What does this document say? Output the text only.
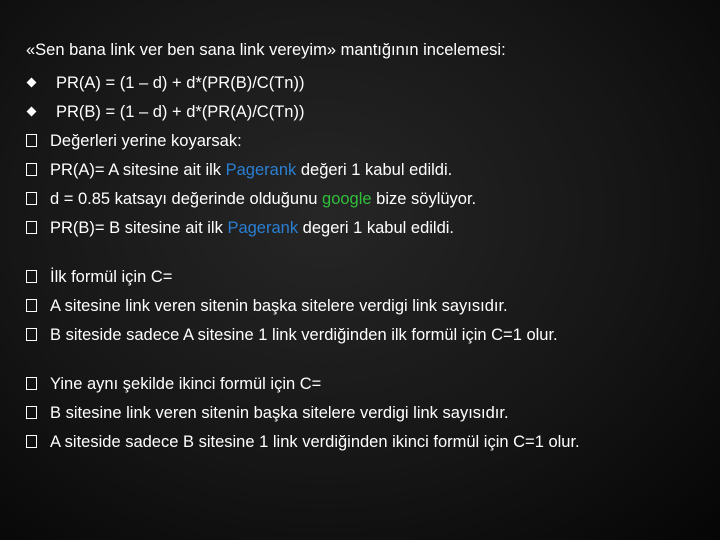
«Sen bana link ver ben sana link vereyim» mantığının incelemesi:
PR(A) = (1 – d) + d*(PR(B)/C(Tn))
PR(B) = (1 – d) + d*(PR(A)/C(Tn))
Değerleri yerine koyarsak:
PR(A)= A sitesine ait ilk Pagerank değeri 1 kabul edildi.
d = 0.85 katsayı değerinde olduğunu google bize söylüyor.
PR(B)= B sitesine ait ilk Pagerank degeri 1 kabul edildi.
İlk formül için C=
A sitesine link veren sitenin başka sitelere verdigi link sayısıdır.
B siteside sadece A sitesine 1 link verdiğinden ilk formül için C=1 olur.
Yine aynı şekilde ikinci formül için C=
B sitesine link veren sitenin başka sitelere verdigi link sayısıdır.
A siteside sadece B sitesine 1 link verdiğinden ikinci formül için C=1 olur.
